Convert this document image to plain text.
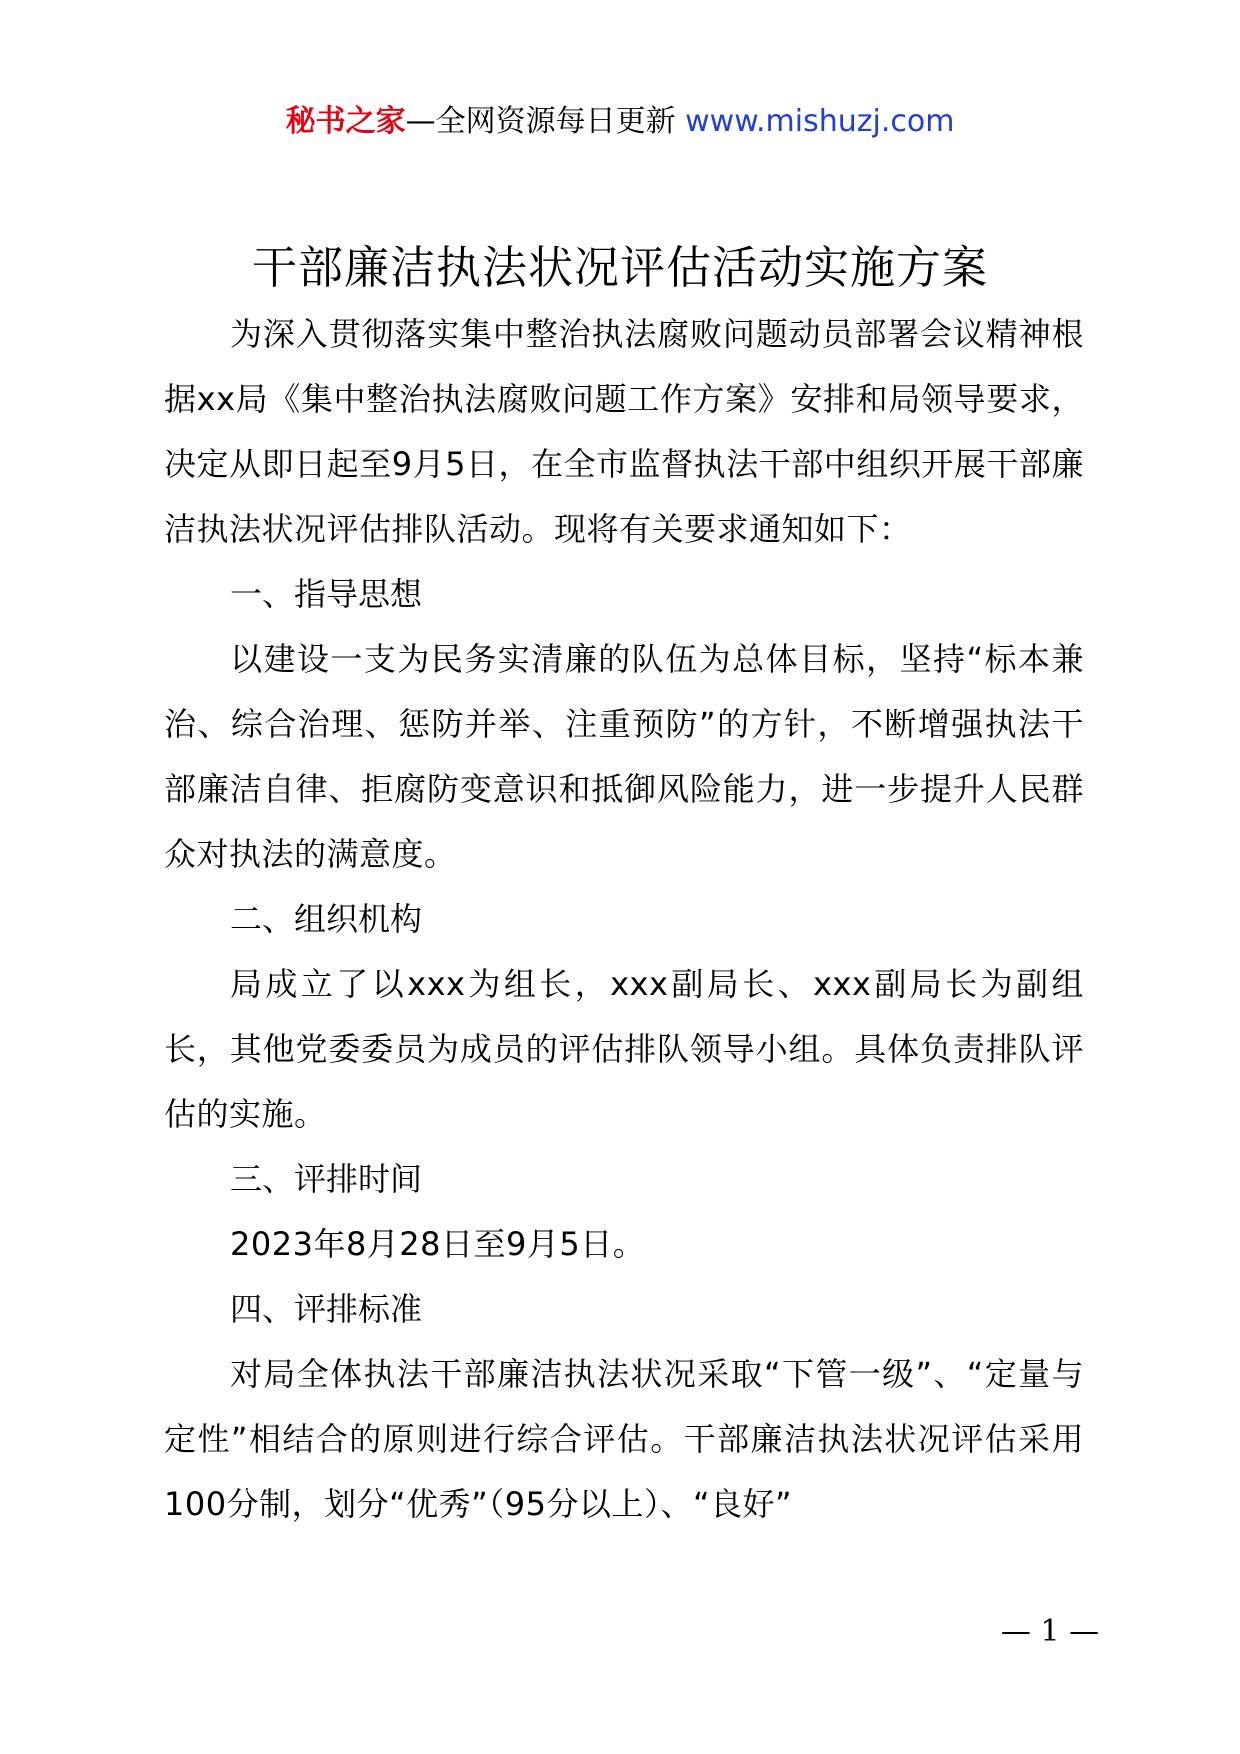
秘书之家—全网资源每日更新 www.mishuzj.com
干部廉洁执法状况评估活动实施方案

为深入贯彻落实集中整治执法腐败问题动员部署会议精神根据xx局《集中整治执法腐败问题工作方案》安排和局领导要求，决定从即日起至9月5日，在全市监督执法干部中组织开展干部廉洁执法状况评估排队活动。现将有关要求通知如下：

一、指导思想

以建设一支为民务实清廉的队伍为总体目标，坚持“标本兼治、综合治理、惩防并举、注重预防”的方针，不断增强执法干部廉洁自律、拒腐防变意识和抵御风险能力，进一步提升人民群众对执法的满意度。

二、组织机构

局成立了以xxx为组长，xxx副局长、xxx副局长为副组长，其他党委委员为成员的评估排队领导小组。具体负责排队评估的实施。

三、评排时间

2023年8月28日至9月5日。

四、评排标准

对局全体执法干部廉洁执法状况采取“下管一级”、“定量与定性”相结合的原则进行综合评估。干部廉洁执法状况评估采用100分制，划分“优秀”（95分以上）、“良好”

— 1 —
